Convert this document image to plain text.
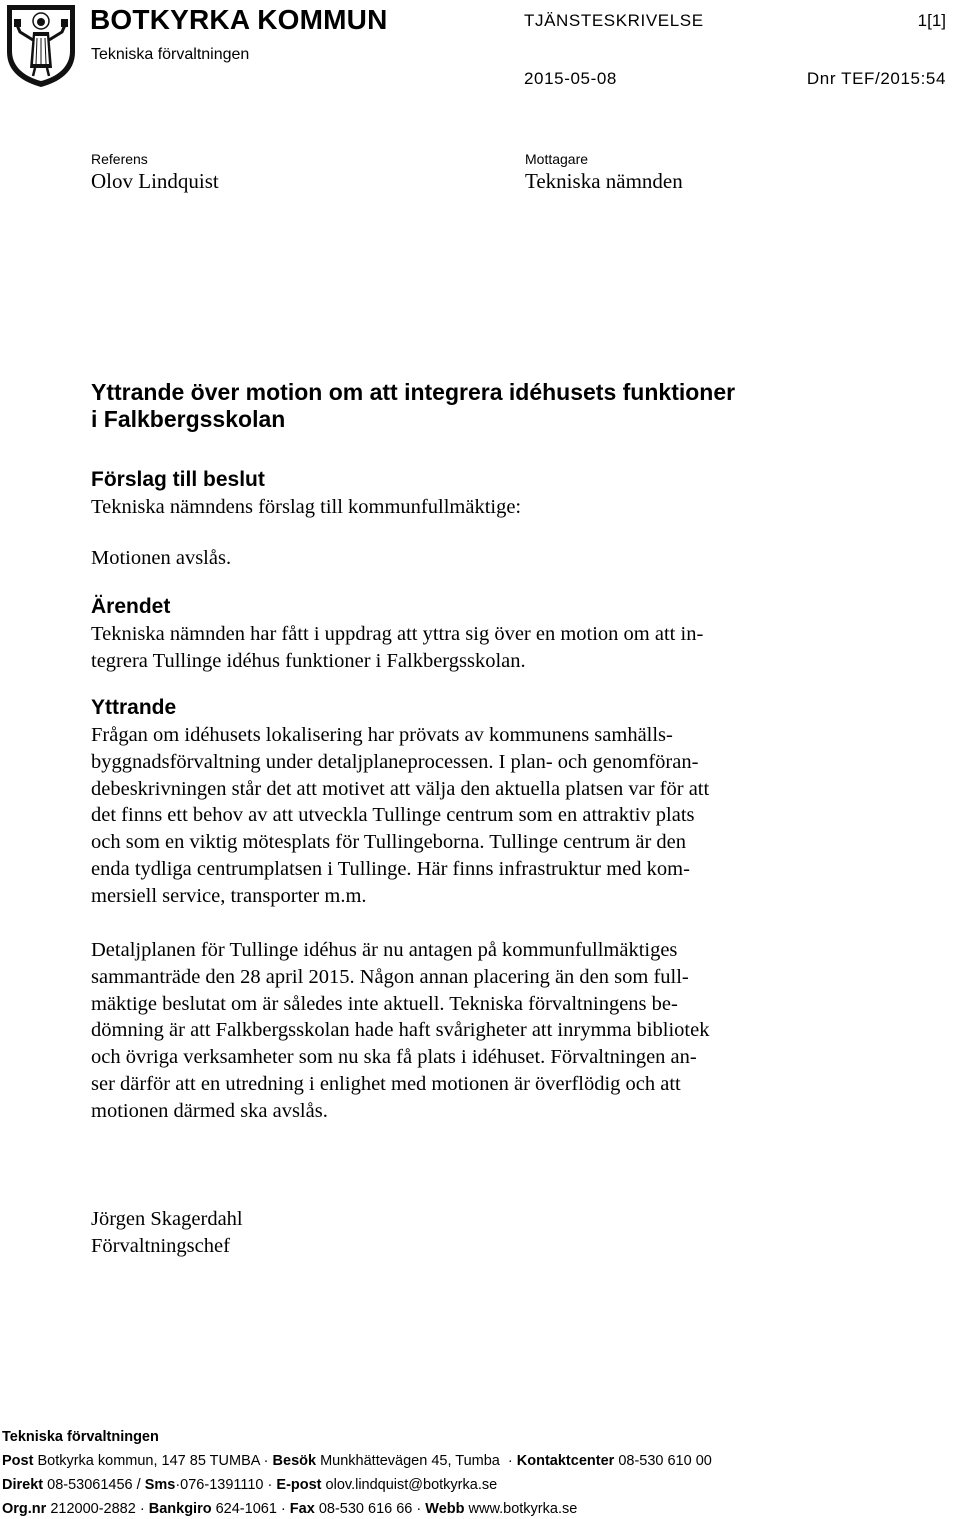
BOTKYRKA KOMMUN
Tekniska förvaltningen
TJÄNSTESKRIVELSE	1[1]
2015-05-08	Dnr TEF/2015:54
Referens
Olov Lindquist
Mottagare
Tekniska nämnden
Yttrande över motion om att integrera idéhusets funktioner
i Falkbergsskolan
Förslag till beslut

Tekniska nämndens förslag till kommunfullmäktige:

Motionen avslås.

Ärendet

Tekniska nämnden har fått i uppdrag att yttra sig över en motion om att in-
tegrera Tullinge idéhus funktioner i Falkbergsskolan.

Yttrande

Frågan om idéhusets lokalisering har prövats av kommunens samhälls-
byggnadsförvaltning under detaljplaneprocessen. I plan- och genomföran-
debeskrivningen står det att motivet att välja den aktuella platsen var för att
det finns ett behov av att utveckla Tullinge centrum som en attraktiv plats
och som en viktig mötesplats för Tullingeborna. Tullinge centrum är den
enda tydliga centrumplatsen i Tullinge. Här finns infrastruktur med kom-
mersiell service, transporter m.m.

Detaljplanen för Tullinge idéhus är nu antagen på kommunfullmäktiges
sammanträde den 28 april 2015. Någon annan placering än den som full-
mäktige beslutat om är således inte aktuell. Tekniska förvaltningens be-
dömning är att Falkbergsskolan hade haft svårigheter att inrymma bibliotek
och övriga verksamheter som nu ska få plats i idéhuset. Förvaltningen an-
ser därför att en utredning i enlighet med motionen är överflödig och att
motionen därmed ska avslås.

Jörgen Skagerdahl
Förvaltningschef

Tekniska förvaltningen
Post Botkyrka kommun, 147 85 TUMBA · Besök Munkhättevägen 45, Tumba  · Kontaktcenter 08-530 610 00
Direkt 08-53061456 / Sms·076-1391110 · E-post olov.lindquist@botkyrka.se
Org.nr 212000-2882 · Bankgiro 624-1061 · Fax 08-530 616 66 · Webb www.botkyrka.se
